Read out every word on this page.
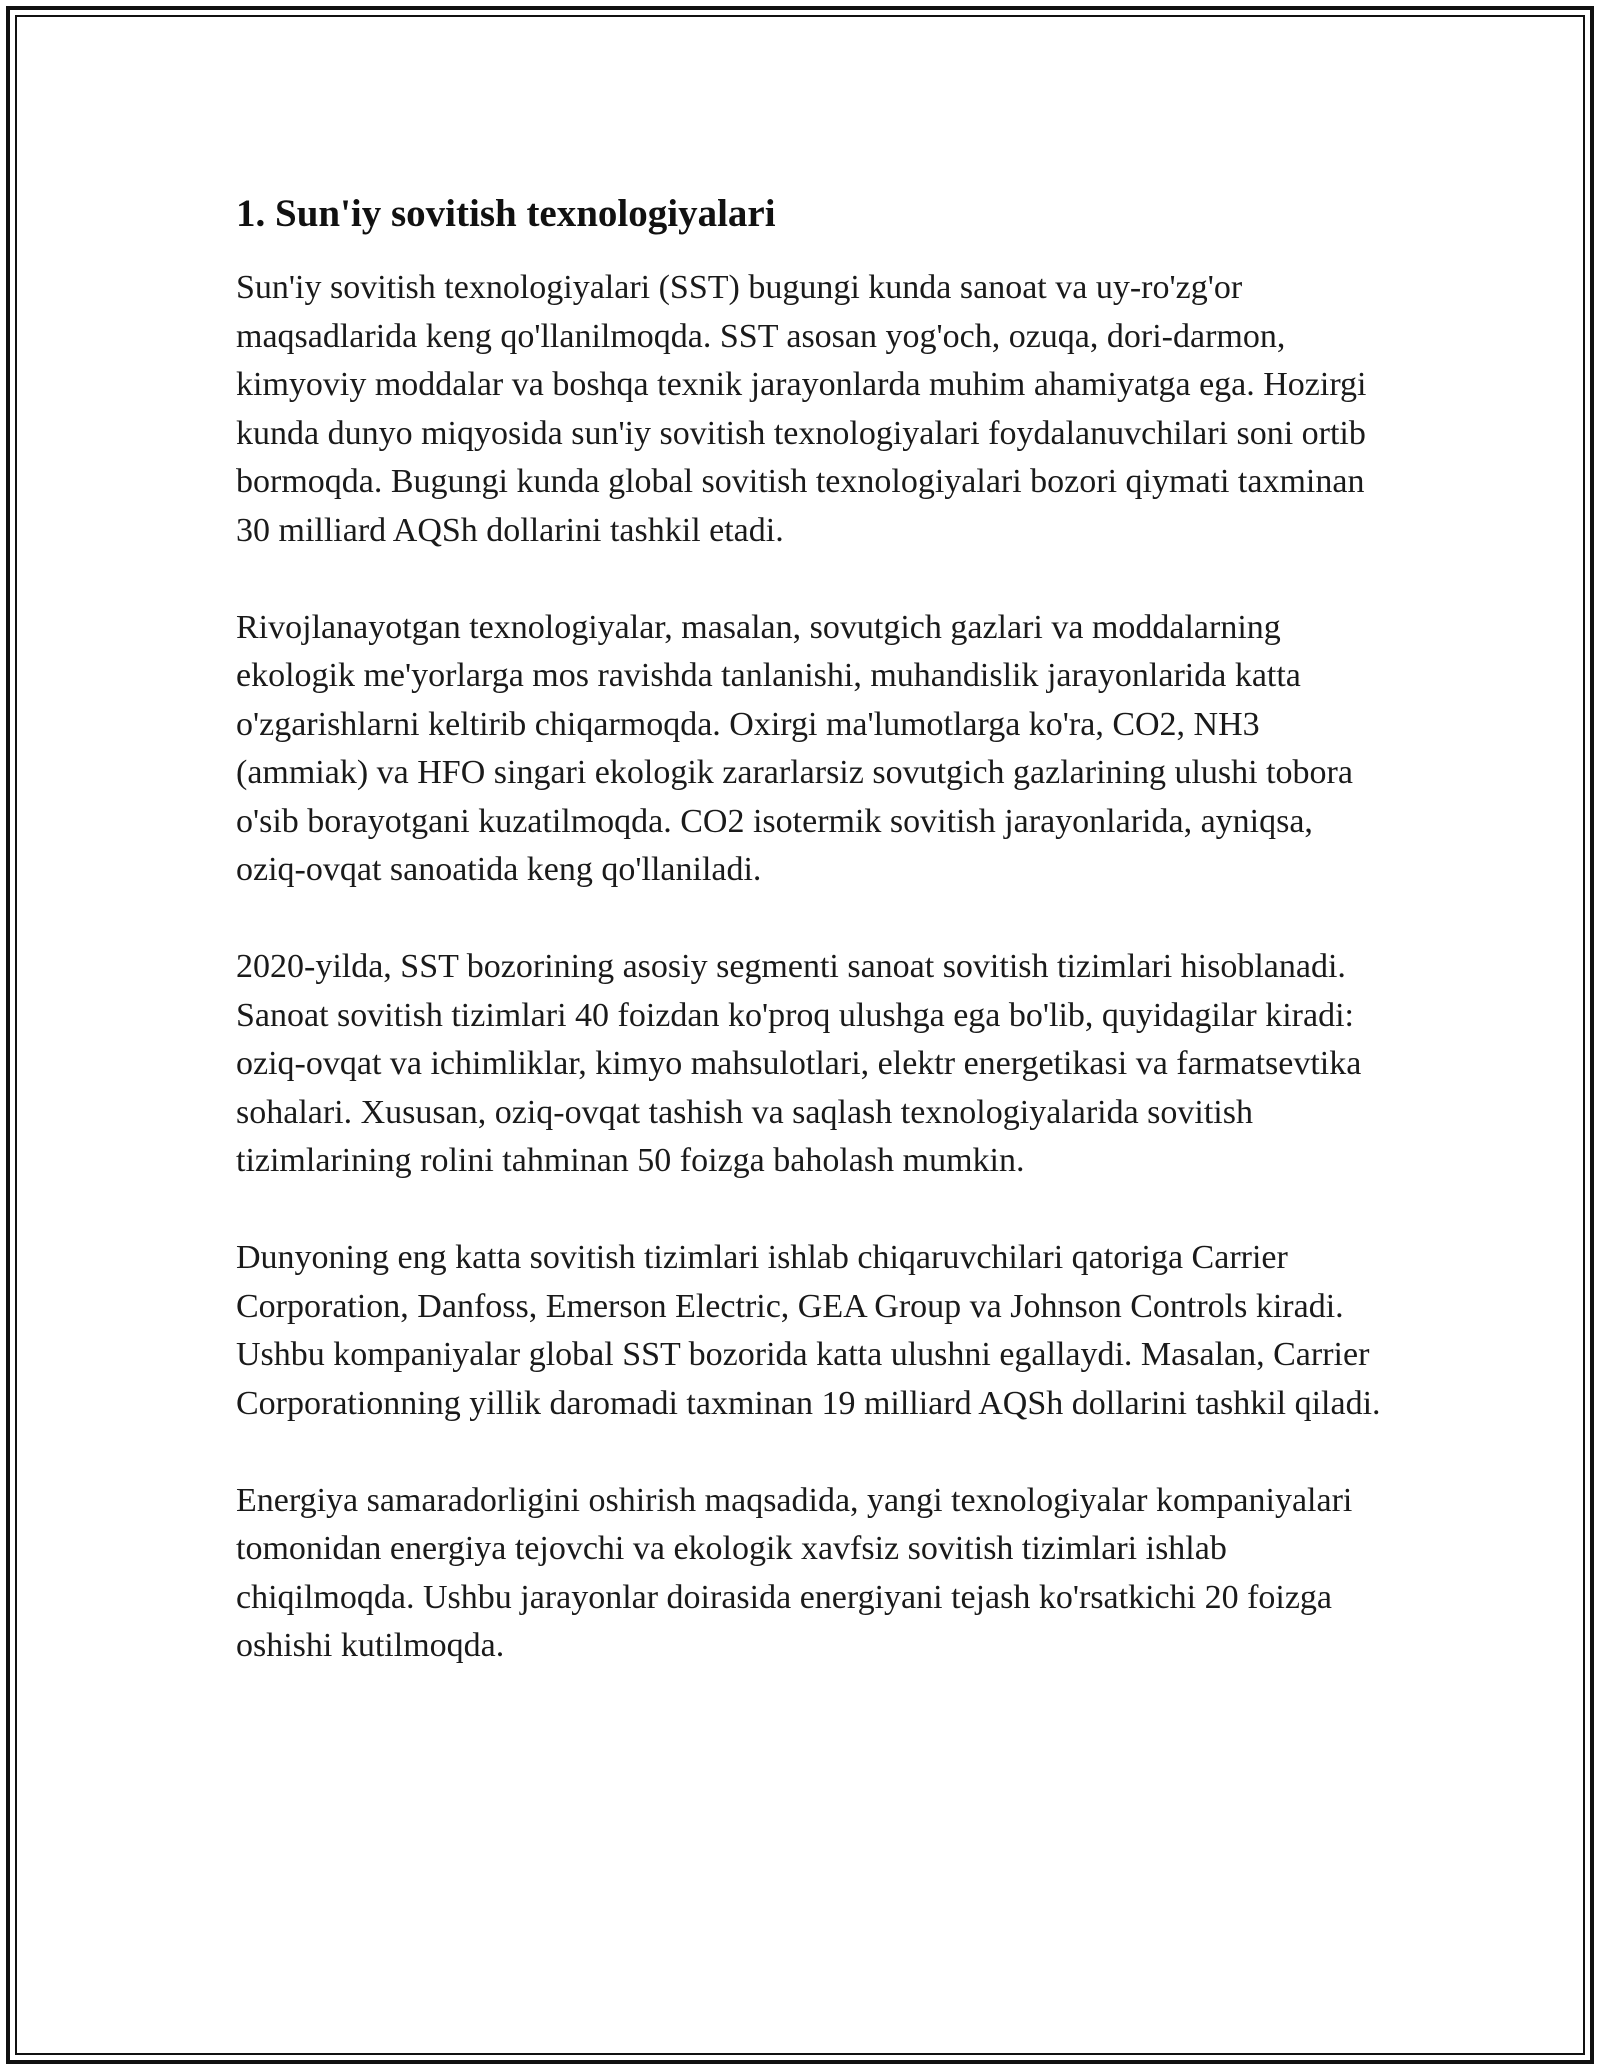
1. Sun'iy sovitish texnologiyalari

Sun'iy sovitish texnologiyalari (SST) bugungi kunda sanoat va uy-ro'zg'or maqsadlarida keng qo'llanilmoqda. SST asosan yog'och, ozuqa, dori-darmon, kimyoviy moddalar va boshqa texnik jarayonlarda muhim ahamiyatga ega. Hozirgi kunda dunyo miqyosida sun'iy sovitish texnologiyalari foydalanuvchilari soni ortib bormoqda. Bugungi kunda global sovitish texnologiyalari bozori qiymati taxminan 30 milliard AQSh dollarini tashkil etadi.

Rivojlanayotgan texnologiyalar, masalan, sovutgich gazlari va moddalarning ekologik me'yorlarga mos ravishda tanlanishi, muhandislik jarayonlarida katta o'zgarishlarni keltirib chiqarmoqda. Oxirgi ma'lumotlarga ko'ra, CO2, NH3 (ammiak) va HFO singari ekologik zararlarsiz sovutgich gazlarining ulushi tobora o'sib borayotgani kuzatilmoqda. CO2 isotermik sovitish jarayonlarida, ayniqsa, oziq-ovqat sanoatida keng qo'llaniladi.

2020-yilda, SST bozorining asosiy segmenti sanoat sovitish tizimlari hisoblanadi. Sanoat sovitish tizimlari 40 foizdan ko'proq ulushga ega bo'lib, quyidagilar kiradi: oziq-ovqat va ichimliklar, kimyo mahsulotlari, elektr energetikasi va farmatsevtika sohalari. Xususan, oziq-ovqat tashish va saqlash texnologiyalarida sovitish tizimlarining rolini tahminan 50 foizga baholash mumkin.

Dunyoning eng katta sovitish tizimlari ishlab chiqaruvchilari qatoriga Carrier Corporation, Danfoss, Emerson Electric, GEA Group va Johnson Controls kiradi. Ushbu kompaniyalar global SST bozorida katta ulushni egallaydi. Masalan, Carrier Corporationning yillik daromadi taxminan 19 milliard AQSh dollarini tashkil qiladi.

Energiya samaradorligini oshirish maqsadida, yangi texnologiyalar kompaniyalari tomonidan energiya tejovchi va ekologik xavfsiz sovitish tizimlari ishlab chiqilmoqda. Ushbu jarayonlar doirasida energiyani tejash ko'rsatkichi 20 foizga oshishi kutilmoqda.
